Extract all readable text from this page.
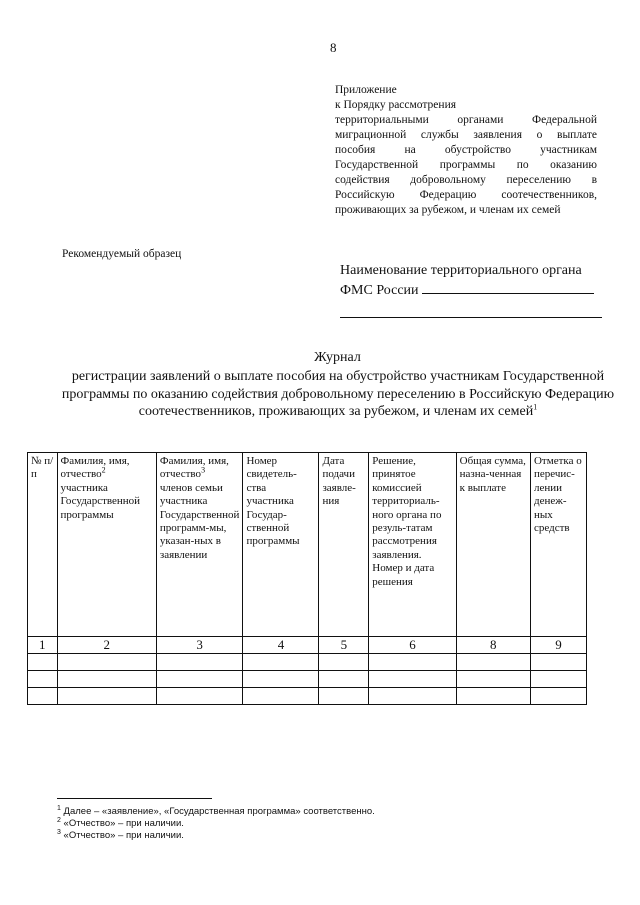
8
Приложение
к Порядку рассмотрения
территориальными органами Федеральной
миграционной службы заявления о выплате
пособия на обустройство участникам
Государственной программы по оказанию
содействия добровольному переселению в
Российскую Федерацию соотечественников,
проживающих за рубежом, и членам их семей
Рекомендуемый образец
Наименование территориального органа
ФМС России
Журнал
регистрации заявлений о выплате пособия на обустройство участникам Государственной программы по оказанию содействия добровольному переселению в Российскую Федерацию соотечественников, проживающих за рубежом, и членам их семей$^1$
№ п/п	Фамилия, имя, отчество$^2$ участника Государственной программы	Фамилия, имя, отчество$^3$ членов семьи участника Государственной программ-мы, указан-ных в заявлении	Номер свидетель-ства участника Государ-ственной программы	Дата подачи заявле-ния	Решение, принятое комиссией территориаль-ного органа по резуль-татам рассмотрения заявления. Номер и дата решения	Общая сумма, назна-ченная к выплате	Отметка о перечис-лении денеж-ных средств
1	2	3	4	5	6	8	9

$^1$ Далее – «заявление», «Государственная программа» соответственно.
$^2$ «Отчество» – при наличии.
$^3$ «Отчество» – при наличии.
